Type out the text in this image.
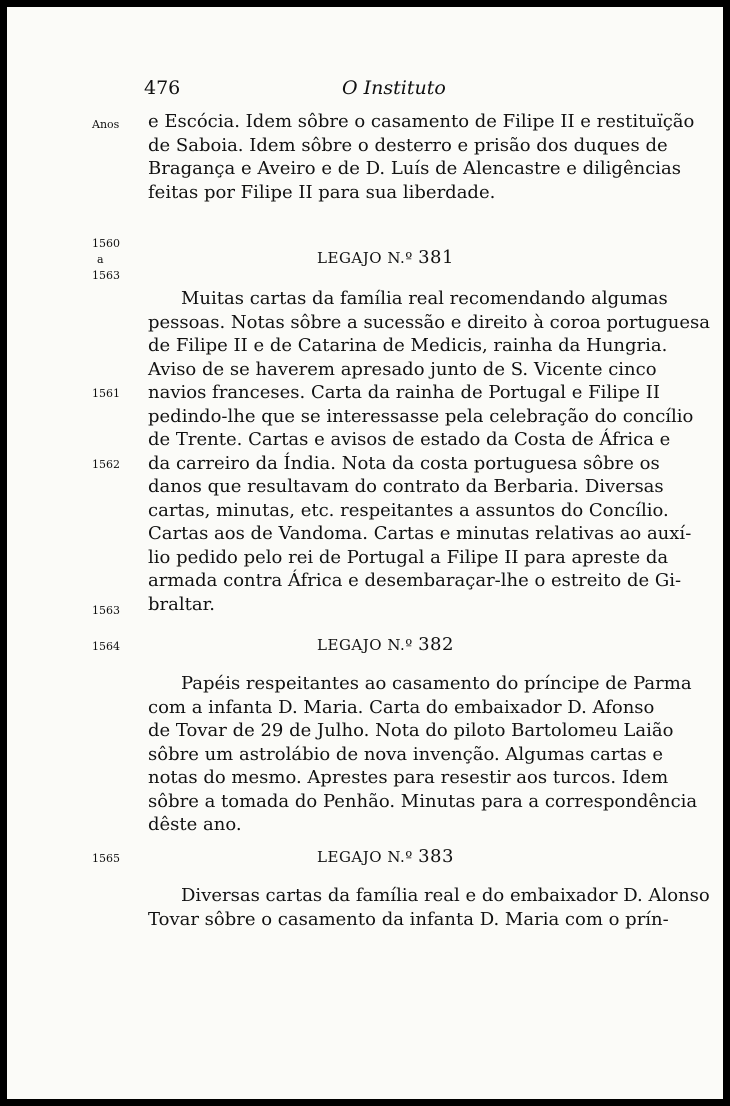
476	O Instituto
Anos
1560
a
1563
1561
1562
1563
1564
1565
e Escócia. Idem sôbre o casamento de Filipe II e restituïção
de Saboia. Idem sôbre o desterro e prisão dos duques de
Bragança e Aveiro e de D. Luís de Alencastre e diligências
feitas por Filipe II para sua liberdade.
LEGAJO N.º 381
Muitas cartas da família real recomendando algumas
pessoas. Notas sôbre a sucessão e direito à coroa portuguesa
de Filipe II e de Catarina de Medicis, rainha da Hungria.
Aviso de se haverem apresado junto de S. Vicente cinco
navios franceses. Carta da rainha de Portugal e Filipe II
pedindo-lhe que se interessasse pela celebração do concílio
de Trente. Cartas e avisos de estado da Costa de África e
da carreiro da Índia. Nota da costa portuguesa sôbre os
danos que resultavam do contrato da Berbaria. Diversas
cartas, minutas, etc. respeitantes a assuntos do Concílio.
Cartas aos de Vandoma. Cartas e minutas relativas ao auxí-
lio pedido pelo rei de Portugal a Filipe II para apreste da
armada contra África e desembaraçar-lhe o estreito de Gi-
braltar.
LEGAJO N.º 382
Papéis respeitantes ao casamento do príncipe de Parma
com a infanta D. Maria. Carta do embaixador D. Afonso
de Tovar de 29 de Julho. Nota do piloto Bartolomeu Laião
sôbre um astrolábio de nova invenção. Algumas cartas e
notas do mesmo. Aprestes para resestir aos turcos. Idem
sôbre a tomada do Penhão. Minutas para a correspondência
dêste ano.
LEGAJO N.º 383
Diversas cartas da família real e do embaixador D. Alonso
Tovar sôbre o casamento da infanta D. Maria com o prín-
